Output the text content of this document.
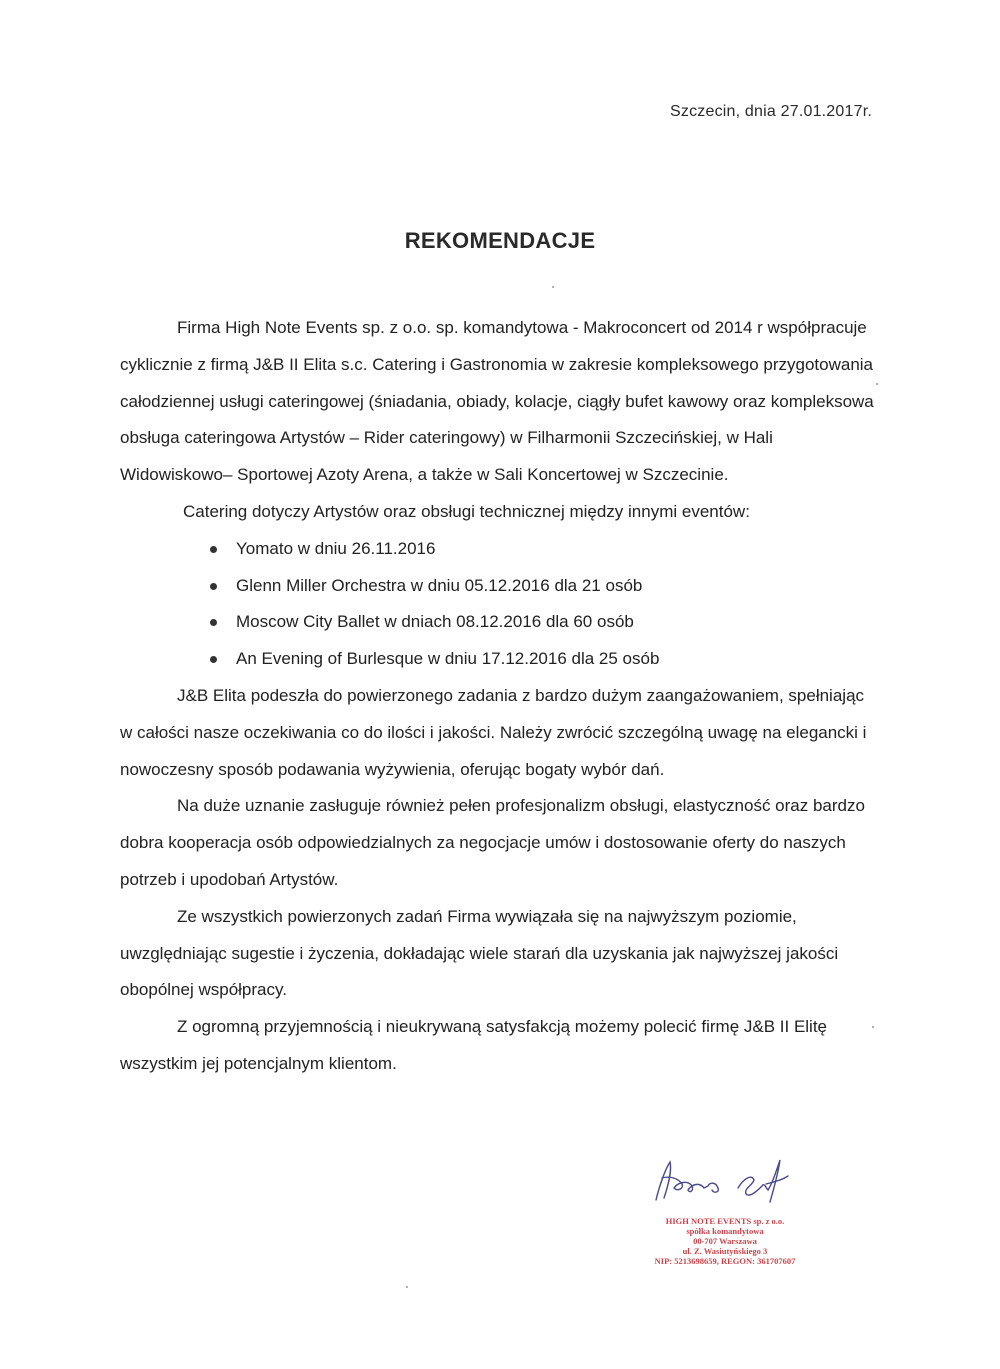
Szczecin, dnia 27.01.2017r.
REKOMENDACJE

Firma High Note Events sp. z o.o. sp. komandytowa - Makroconcert od 2014 r współpracuje cyklicznie z firmą J&B II Elita s.c. Catering i Gastronomia w zakresie kompleksowego przygotowania całodziennej usługi cateringowej (śniadania, obiady, kolacje, ciągły bufet kawowy oraz kompleksowa obsługa cateringowa Artystów – Rider cateringowy) w Filharmonii Szczecińskiej, w Hali Widowiskowo– Sportowej Azoty Arena, a także w Sali Koncertowej w Szczecinie.

Catering dotyczy Artystów oraz obsługi technicznej między innymi eventów:

Yomato w dniu 26.11.2016
Glenn Miller Orchestra w dniu 05.12.2016 dla 21 osób
Moscow City Ballet w dniach 08.12.2016 dla 60 osób
An Evening of Burlesque w dniu 17.12.2016 dla 25 osób

J&B Elita podeszła do powierzonego zadania z bardzo dużym zaangażowaniem, spełniając w całości nasze oczekiwania co do ilości i jakości. Należy zwrócić szczególną uwagę na elegancki i nowoczesny sposób podawania wyżywienia, oferując bogaty wybór dań.

Na duże uznanie zasługuje również pełen profesjonalizm obsługi, elastyczność oraz bardzo dobra kooperacja osób odpowiedzialnych za negocjacje umów i dostosowanie oferty do naszych potrzeb i upodobań Artystów.

Ze wszystkich powierzonych zadań Firma wywiązała się na najwyższym poziomie, uwzględniając sugestie i życzenia, dokładając wiele starań dla uzyskania jak najwyższej jakości obopólnej współpracy.

Z ogromną przyjemnością i nieukrywaną satysfakcją możemy polecić firmę J&B II Elitę wszystkim jej potencjalnym klientom.

HIGH NOTE EVENTS sp. z o.o.
spółka komandytowa
00-707 Warszawa
ul. Z. Wasiutyńskiego 3
NIP: 5213698659, REGON: 361707607
